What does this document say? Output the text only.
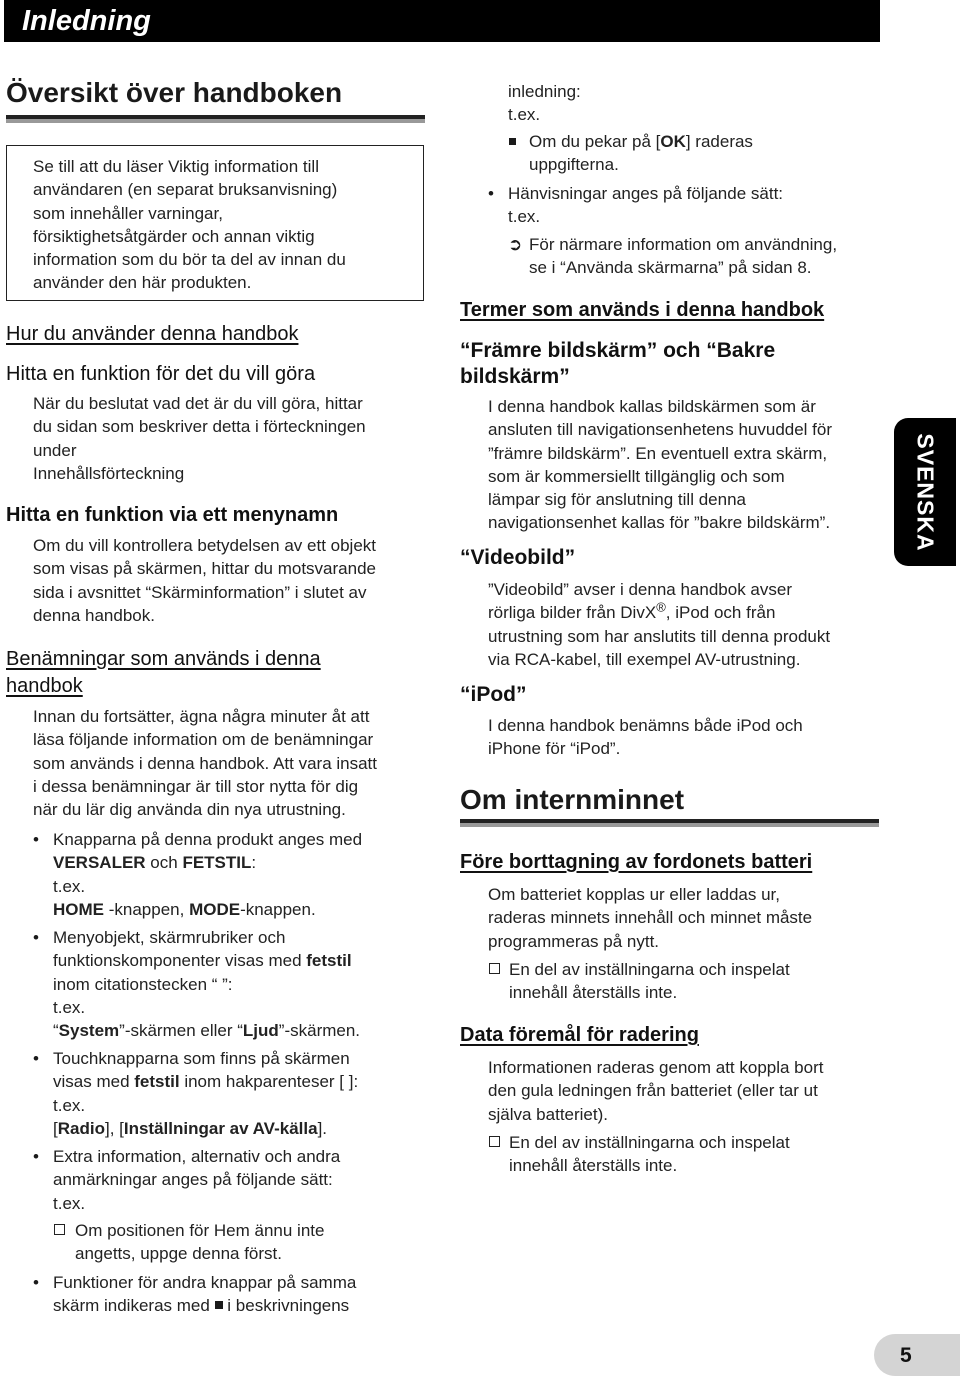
Inledning
SVENSKA
Översikt över handboken
Se till att du läser Viktig information till
användaren (en separat bruksanvisning)
som innehåller varningar,
försiktighetsåtgärder och annan viktig
information som du bör ta del av innan du
använder den här produkten.
Hur du använder denna handbok
Hitta en funktion för det du vill göra
När du beslutat vad det är du vill göra, hittar
du sidan som beskriver detta i förteckningen
under
Innehållsförteckning
Hitta en funktion via ett menynamn
Om du vill kontrollera betydelsen av ett objekt
som visas på skärmen, hittar du motsvarande
sida i avsnittet “Skärminformation” i slutet av
denna handbok.
Benämningar som används i denna
handbok
Innan du fortsätter, ägna några minuter åt att
läsa följande information om de benämningar
som används i denna handbok. Att vara insatt
i dessa benämningar är till stor nytta för dig
när du lär dig använda din nya utrustning.
• Knapparna på denna produkt anges med
VERSALER och FETSTIL:
t.ex.
HOME -knappen, MODE-knappen.
• Menyobjekt, skärmrubriker och
funktionskomponenter visas med fetstil
inom citationstecken “ ”:
t.ex.
“System”-skärmen eller “Ljud”-skärmen.
• Touchknapparna som finns på skärmen
visas med fetstil inom hakparenteser [ ]:
t.ex.
[Radio], [Inställningar av AV-källa].
• Extra information, alternativ och andra
anmärkningar anges på följande sätt:
t.ex.
Om positionen för Hem ännu inte
angetts, uppge denna först.
• Funktioner för andra knappar på samma
skärm indikeras med  i beskrivningens
inledning:
t.ex.
Om du pekar på [OK] raderas
uppgifterna.
• Hänvisningar anges på följande sätt:
t.ex.
➲ För närmare information om användning,
se i “Använda skärmarna” på sidan 8.
Termer som används i denna handbok
“Främre bildskärm” och “Bakre
bildskärm”
I denna handbok kallas bildskärmen som är
ansluten till navigationsenhetens huvuddel för
”främre bildskärm”. En eventuell extra skärm,
som är kommersiellt tillgänglig och som
lämpar sig för anslutning till denna
navigationsenhet kallas för ”bakre bildskärm”.
“Videobild”
”Videobild” avser i denna handbok avser
rörliga bilder från DivX®, iPod och från
utrustning som har anslutits till denna produkt
via RCA-kabel, till exempel AV-utrustning.
“iPod”
I denna handbok benämns både iPod och
iPhone för “iPod”.
Om internminnet
Före borttagning av fordonets batteri
Om batteriet kopplas ur eller laddas ur,
raderas minnets innehåll och minnet måste
programmeras på nytt.
En del av inställningarna och inspelat
innehåll återställs inte.
Data föremål för radering
Informationen raderas genom att koppla bort
den gula ledningen från batteriet (eller tar ut
själva batteriet).
En del av inställningarna och inspelat
innehåll återställs inte.
5
